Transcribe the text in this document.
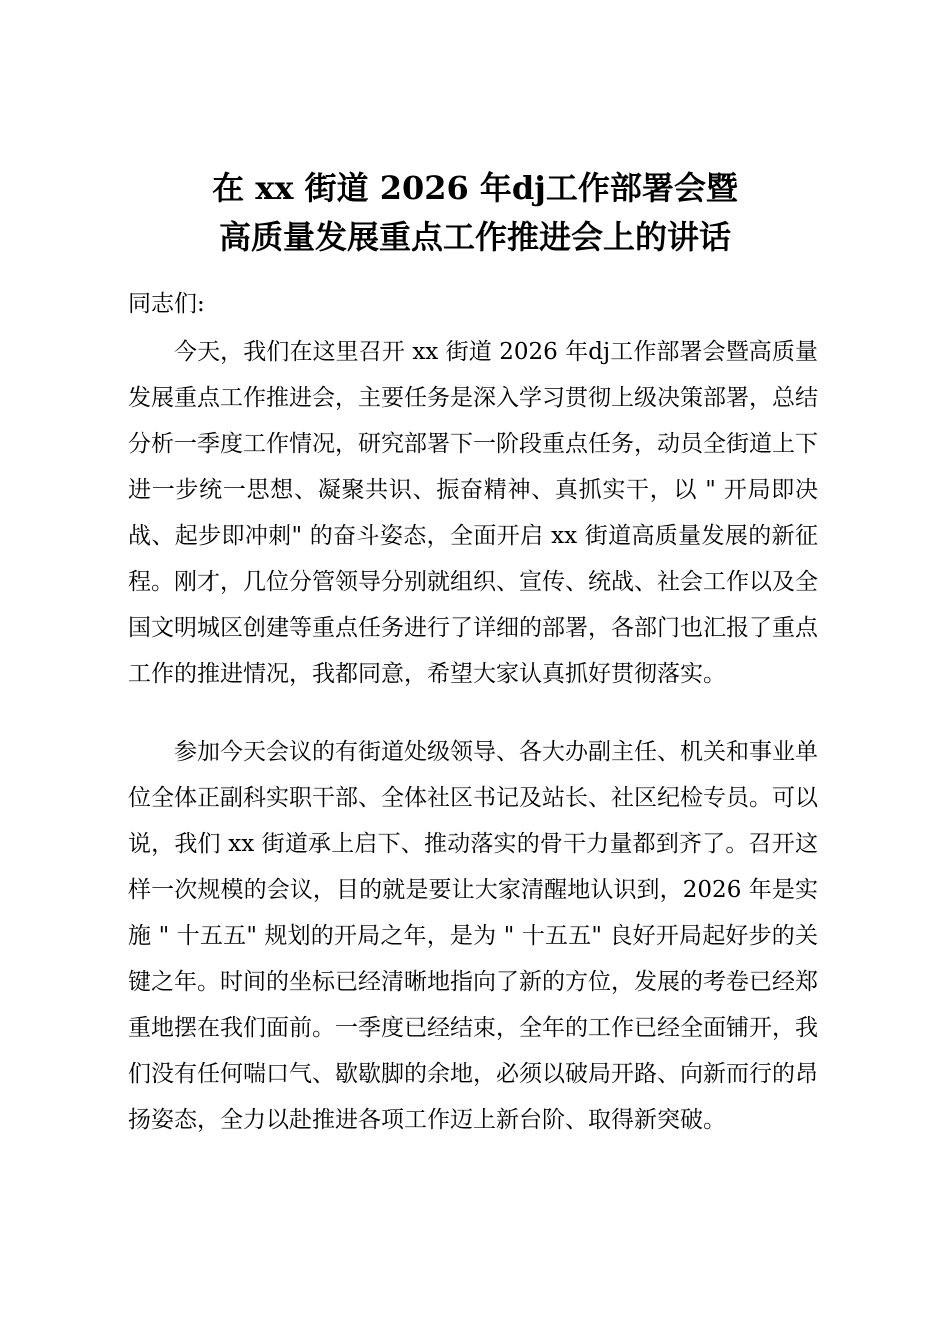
在 xx 街道 2026 年dj工作部署会暨
高质量发展重点工作推进会上的讲话

同志们:

今天，我们在这里召开 xx 街道 2026 年dj工作部署会暨高质量发展重点工作推进会，主要任务是深入学习贯彻上级决策部署，总结分析一季度工作情况，研究部署下一阶段重点任务，动员全街道上下进一步统一思想、凝聚共识、振奋精神、真抓实干，以 " 开局即决战、起步即冲刺" 的奋斗姿态，全面开启 xx 街道高质量发展的新征程。刚才，几位分管领导分别就组织、宣传、统战、社会工作以及全国文明城区创建等重点任务进行了详细的部署，各部门也汇报了重点工作的推进情况，我都同意，希望大家认真抓好贯彻落实。

参加今天会议的有街道处级领导、各大办副主任、机关和事业单位全体正副科实职干部、全体社区书记及站长、社区纪检专员。可以说，我们 xx 街道承上启下、推动落实的骨干力量都到齐了。召开这样一次规模的会议，目的就是要让大家清醒地认识到，2026 年是实施 " 十五五" 规划的开局之年，是为 " 十五五" 良好开局起好步的关键之年。时间的坐标已经清晰地指向了新的方位，发展的考卷已经郑重地摆在我们面前。一季度已经结束，全年的工作已经全面铺开，我们没有任何喘口气、歇歇脚的余地，必须以破局开路、向新而行的昂扬姿态，全力以赴推进各项工作迈上新台阶、取得新突破。
